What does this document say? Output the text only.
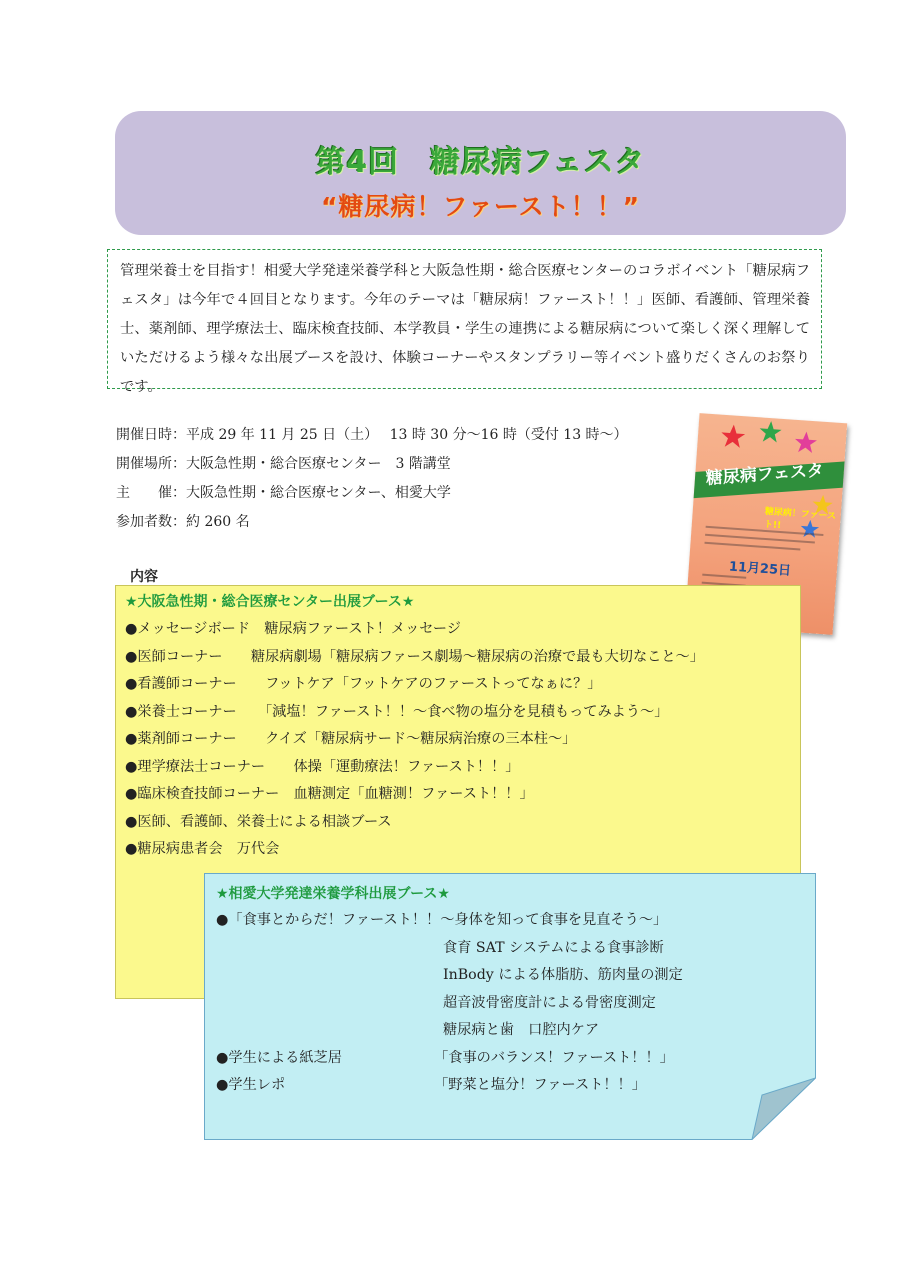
第4回　糖尿病フェスタ
“糖尿病！ファースト！！”
管理栄養士を目指す！相愛大学発達栄養学科と大阪急性期・総合医療センターのコラボイベント「糖尿病フェスタ」は今年で４回目となります。今年のテーマは「糖尿病！ファースト！！」医師、看護師、管理栄養士、薬剤師、理学療法士、臨床検査技師、本学教員・学生の連携による糖尿病について楽しく深く理解していただけるよう様々な出展ブースを設け、体験コーナーやスタンプラリー等イベント盛りだくさんのお祭りです。
開催日時：平成 29 年 11 月 25 日（土）　 13 時 30 分～16 時（受付 13 時～）
開催場所：大阪急性期・総合医療センター　3 階講堂
主　　催：大阪急性期・総合医療センター、相愛大学
参加者数：約 260 名
糖尿病フェスタ
糖尿病！ファースト!!
11月25日
内容
★大阪急性期・総合医療センター出展ブース★
●メッセージボード　糖尿病ファースト！メッセージ
●医師コーナー　　糖尿病劇場「糖尿病ファース劇場～糖尿病の治療で最も大切なこと～」
●看護師コーナー　　フットケア「フットケアのファーストってなぁに？」
●栄養士コーナー　　「減塩！ファースト！！～食べ物の塩分を見積もってみよう～」
●薬剤師コーナー　　クイズ「糖尿病サード～糖尿病治療の三本柱～」
●理学療法士コーナー　　体操「運動療法！ファースト！！」
●臨床検査技師コーナー　血糖測定「血糖測！ファースト！！」
●医師、看護師、栄養士による相談ブース
●糖尿病患者会　万代会
★相愛大学発達栄養学科出展ブース★
●「食事とからだ！ファースト！！～身体を知って食事を見直そう～」
　　　　　　　　　　　　　　　　食育 SAT システムによる食事診断
　　　　　　　　　　　　　　　　InBody による体脂肪、筋肉量の測定
　　　　　　　　　　　　　　　　超音波骨密度計による骨密度測定
　　　　　　　　　　　　　　　　糖尿病と歯　口腔内ケア
●学生による紙芝居　　　　　　　「食事のバランス！ファースト！！」
●学生レポ　　　　　　　　　　　「野菜と塩分！ファースト！！」
